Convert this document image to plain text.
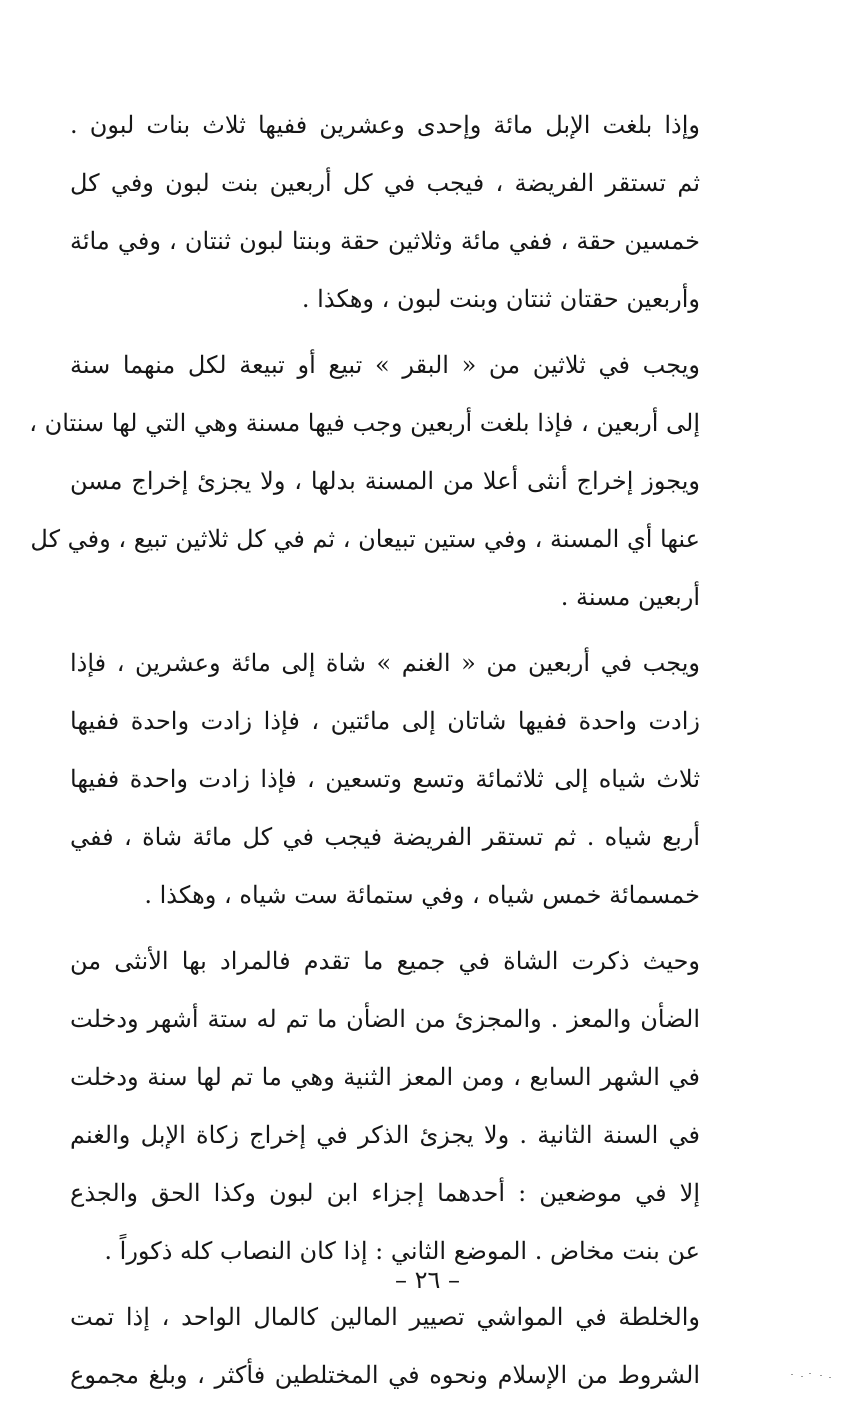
وإذا بلغت الإبل مائة وإحدى وعشرين ففيها ثلاث بنات لبون .
ثم تستقر الفريضة ، فيجب في كل أربعين بنت لبون وفي كل
خمسين حقة ، ففي مائة وثلاثين حقة وبنتا لبون ثنتان ، وفي مائة
وأربعين حقتان ثنتان وبنت لبون ، وهكذا .
ويجب في ثلاثين من « البقر » تبيع أو تبيعة لكل منهما سنة
إلى أربعين ، فإذا بلغت أربعين وجب فيها مسنة وهي التي لها سنتان ،
ويجوز إخراج أنثى أعلا من المسنة بدلها ، ولا يجزئ إخراج مسن
عنها أي المسنة ، وفي ستين تبيعان ، ثم في كل ثلاثين تبيع ، وفي كل
أربعين مسنة .
ويجب في أربعين من « الغنم » شاة إلى مائة وعشرين ، فإذا
زادت واحدة ففيها شاتان إلى مائتين ، فإذا زادت واحدة ففيها
ثلاث شياه إلى ثلاثمائة وتسع وتسعين ، فإذا زادت واحدة ففيها
أربع شياه . ثم تستقر الفريضة فيجب في كل مائة شاة ، ففي
خمسمائة خمس شياه ، وفي ستمائة ست شياه ، وهكذا .
وحيث ذكرت الشاة في جميع ما تقدم فالمراد بها الأنثى من
الضأن والمعز . والمجزئ من الضأن ما تم له ستة أشهر ودخلت
في الشهر السابع ، ومن المعز الثنية وهي ما تم لها سنة ودخلت
في السنة الثانية . ولا يجزئ الذكر في إخراج زكاة الإبل والغنم
إلا في موضعين : أحدهما إجزاء ابن لبون وكذا الحق والجذع
عن بنت مخاض . الموضع الثاني : إذا كان النصاب كله ذكوراً .
والخلطة في المواشي تصيير المالين كالمال الواحد ، إذا تمت
الشروط من الإسلام ونحوه في المختلطين فأكثر ، وبلغ مجموع
– ٢٦ –
